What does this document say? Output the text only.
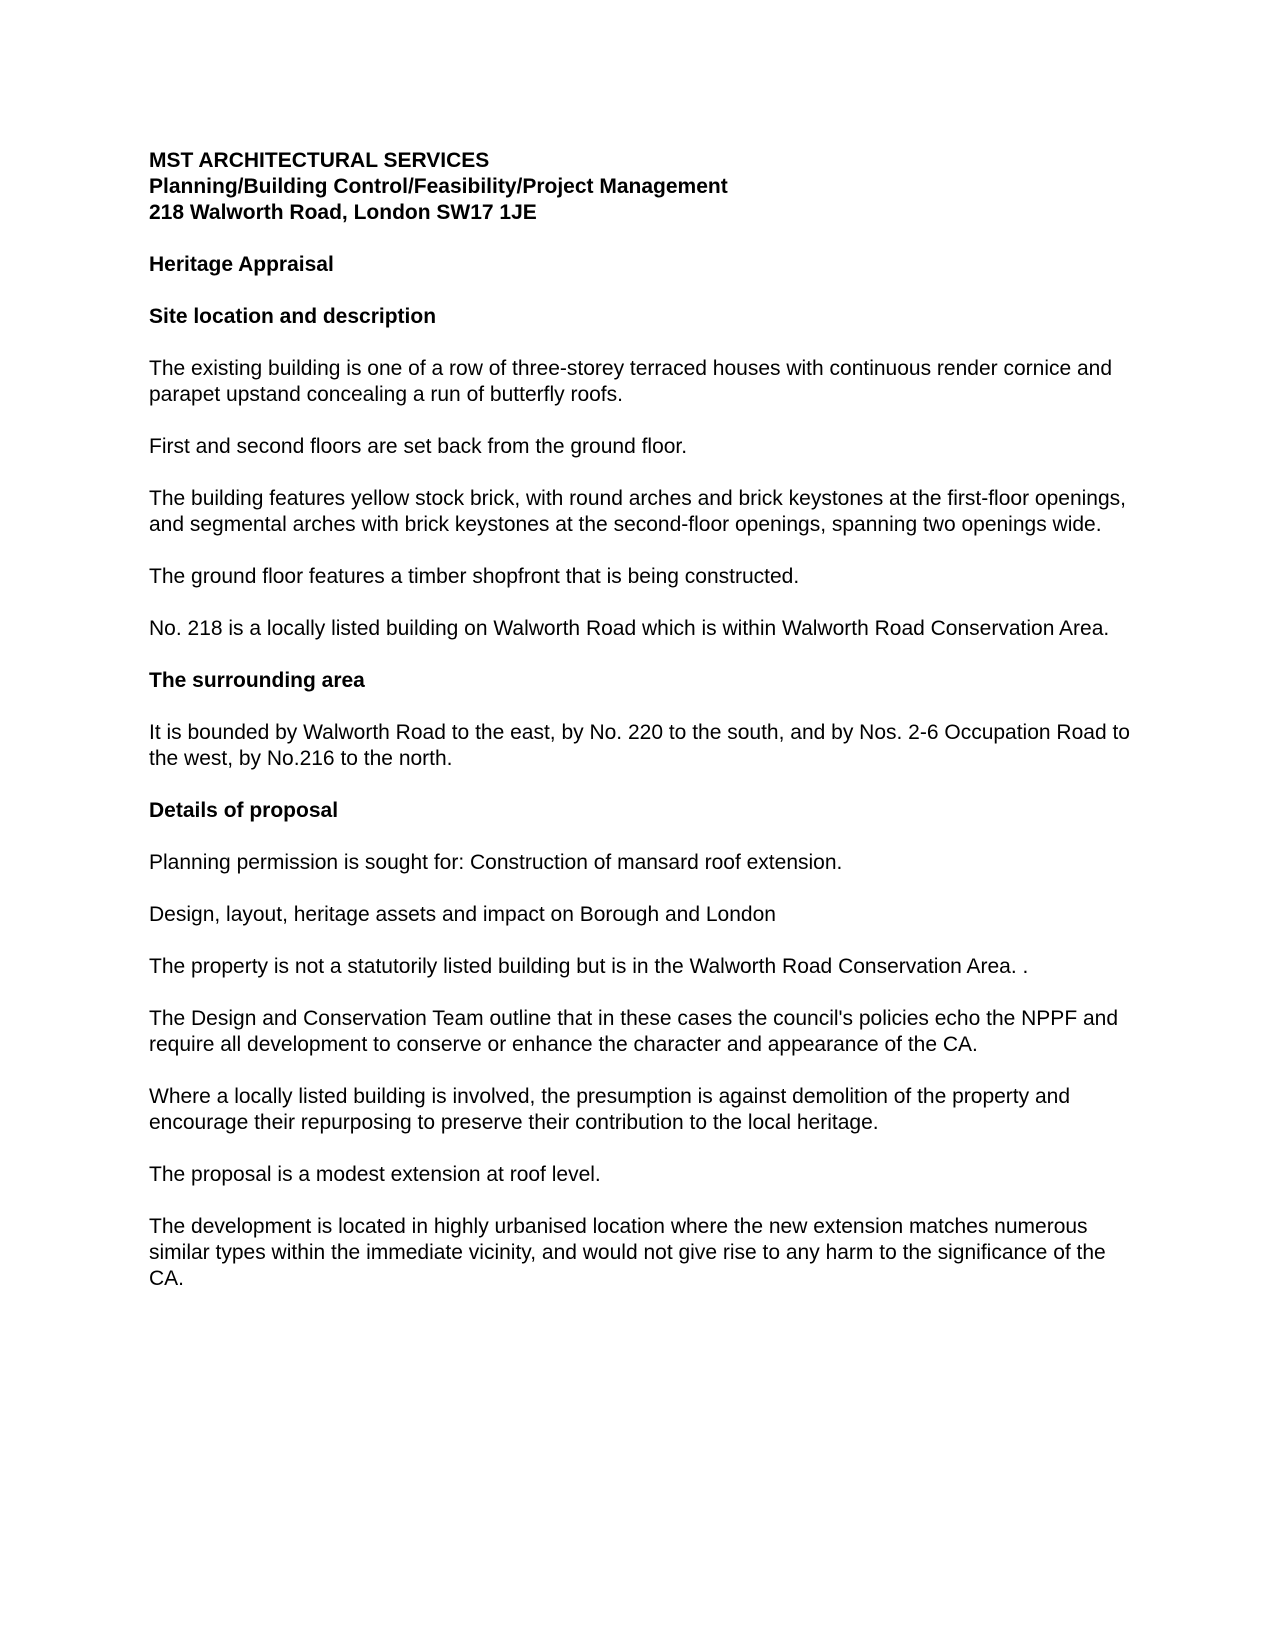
MST ARCHITECTURAL SERVICES

Planning/Building Control/Feasibility/Project Management

218 Walworth Road, London SW17 1JE

Heritage Appraisal

Site location and description

The existing building is one of a row of three-storey terraced houses with continuous render cornice and parapet upstand concealing a run of butterfly roofs.

First and second floors are set back from the ground floor.

The building features yellow stock brick, with round arches and brick keystones at the first-floor openings, and segmental arches with brick keystones at the second-floor openings, spanning two openings wide.

The ground floor features a timber shopfront that is being constructed.

No. 218 is a locally listed building on Walworth Road which is within Walworth Road Conservation Area.

The surrounding area

It is bounded by Walworth Road to the east, by No. 220 to the south, and by Nos. 2-6 Occupation Road to the west, by No.216 to the north.

Details of proposal

Planning permission is sought for: Construction of mansard roof extension.

Design, layout, heritage assets and impact on Borough and London

The property is not a statutorily listed building but is in the Walworth Road Conservation Area. .

The Design and Conservation Team outline that in these cases the council's policies echo the NPPF and require all development to conserve or enhance the character and appearance of the CA.

Where a locally listed building is involved, the presumption is against demolition of the property and encourage their repurposing to preserve their contribution to the local heritage.

The proposal is a modest extension at roof level.

The development is located in highly urbanised location where the new extension matches numerous similar types within the immediate vicinity, and would not give rise to any harm to the significance of the CA.
